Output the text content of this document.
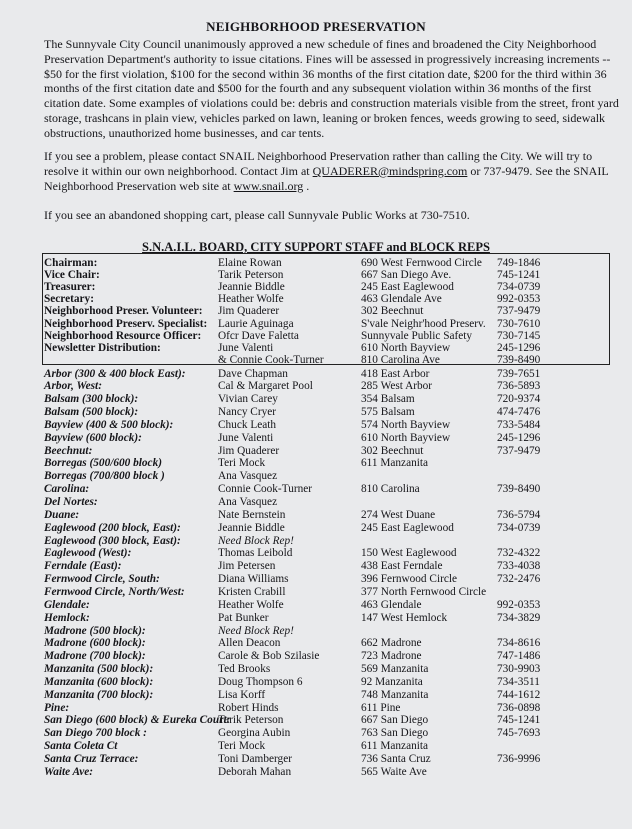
NEIGHBORHOOD PRESERVATION

The Sunnyvale City Council unanimously approved a new schedule of fines and broadened the City Neighborhood Preservation Department's authority to issue citations. Fines will be assessed in progressively increasing increments -- $50 for the first violation, $100 for the second within 36 months of the first citation date, $200 for the third within 36 months of the first citation date and $500 for the fourth and any subsequent violation within 36 months of the first citation date. Some examples of violations could be: debris and construction materials visible from the street, front yard storage, trashcans in plain view, vehicles parked on lawn, leaning or broken fences, weeds growing to seed, sidewalk obstructions, unauthorized home businesses, and car tents.

If you see a problem, please contact SNAIL Neighborhood Preservation rather than calling the City. We will try to resolve it within our own neighborhood. Contact Jim at QUADERER@mindspring.com or 737-9479. See the SNAIL Neighborhood Preservation web site at www.snail.org .

If you see an abandoned shopping cart, please call Sunnyvale Public Works at 730-7510.

S.N.A.I.L. BOARD, CITY SUPPORT STAFF and BLOCK REPS
Chairman:	Elaine Rowan	690 West Fernwood Circle 749-1846
Vice Chair:	Tarik Peterson	667 San Diego Ave.	745-1241
Treasurer:	Jeannie Biddle	245 East Eaglewood	734-0739
Secretary:	Heather Wolfe	463 Glendale Ave	992-0353
Neighborhood Preser. Volunteer: Jim Quaderer	302 Beechnut	737-9479
Neighborhood Preserv. Specialist: Laurie Aguinaga	S'vale Neighr'hood Preserv. 730-7610
Neighborhood Resource Officer: Ofcr Dave Faletta	Sunnyvale Public Safety 730-7145
Newsletter Distribution:	June Valenti	610 North Bayview	245-1296
& Connie Cook-Turner	810 Carolina Ave	739-8490
Arbor (300 & 400 block East):	Dave Chapman	418 East Arbor	739-7651
Arbor, West:	Cal & Margaret Pool	285 West Arbor	736-5893
Balsam (300 block):	Vivian Carey	354 Balsam	720-9374
Balsam (500 block):	Nancy Cryer	575 Balsam	474-7476
Bayview (400 & 500 block):	Chuck Leath	574 North Bayview	733-5484
Bayview (600 block):	June Valenti	610 North Bayview	245-1296
Beechnut:	Jim Quaderer	302 Beechnut	737-9479
Borregas (500/600 block)	Teri Mock	611 Manzanita
Borregas (700/800 block )	Ana Vasquez
Carolina:	Connie Cook-Turner	810 Carolina	739-8490
Del Nortes:	Ana Vasquez
Duane:	Nate Bernstein	274 West Duane	736-5794
Eaglewood (200 block, East):	Jeannie Biddle	245 East Eaglewood	734-0739
Eaglewood (300 block, East):	Need Block Rep!
Eaglewood (West):	Thomas Leibold	150 West Eaglewood	732-4322
Ferndale (East):	Jim Petersen	438 East Ferndale	733-4038
Fernwood Circle, South:	Diana Williams	396 Fernwood Circle	732-2476
Fernwood Circle, North/West:	Kristen Crabill	377 North Fernwood Circle
Glendale:	Heather Wolfe	463 Glendale	992-0353
Hemlock:	Pat Bunker	147 West Hemlock	734-3829
Madrone (500 block):	Need Block Rep!
Madrone (600 block):	Allen Deacon	662 Madrone	734-8616
Madrone (700 block):	Carole & Bob Szilasie	723 Madrone	747-1486
Manzanita (500 block):	Ted Brooks	569 Manzanita	730-9903
Manzanita (600 block):	Doug Thompson 6	92 Manzanita	734-3511
Manzanita (700 block):	Lisa Korff	748 Manzanita	744-1612
Pine:	Robert Hinds	611 Pine	736-0898
San Diego (600 block) & Eureka Court:
Tarik Peterson	667 San Diego	745-1241
San Diego 700 block :	Georgina Aubin	763 San Diego	745-7693
Santa Coleta Ct	Teri Mock	611 Manzanita
Santa Cruz Terrace:	Toni Damberger	736 Santa Cruz	736-9996
Waite Ave:	Deborah Mahan	565 Waite Ave
